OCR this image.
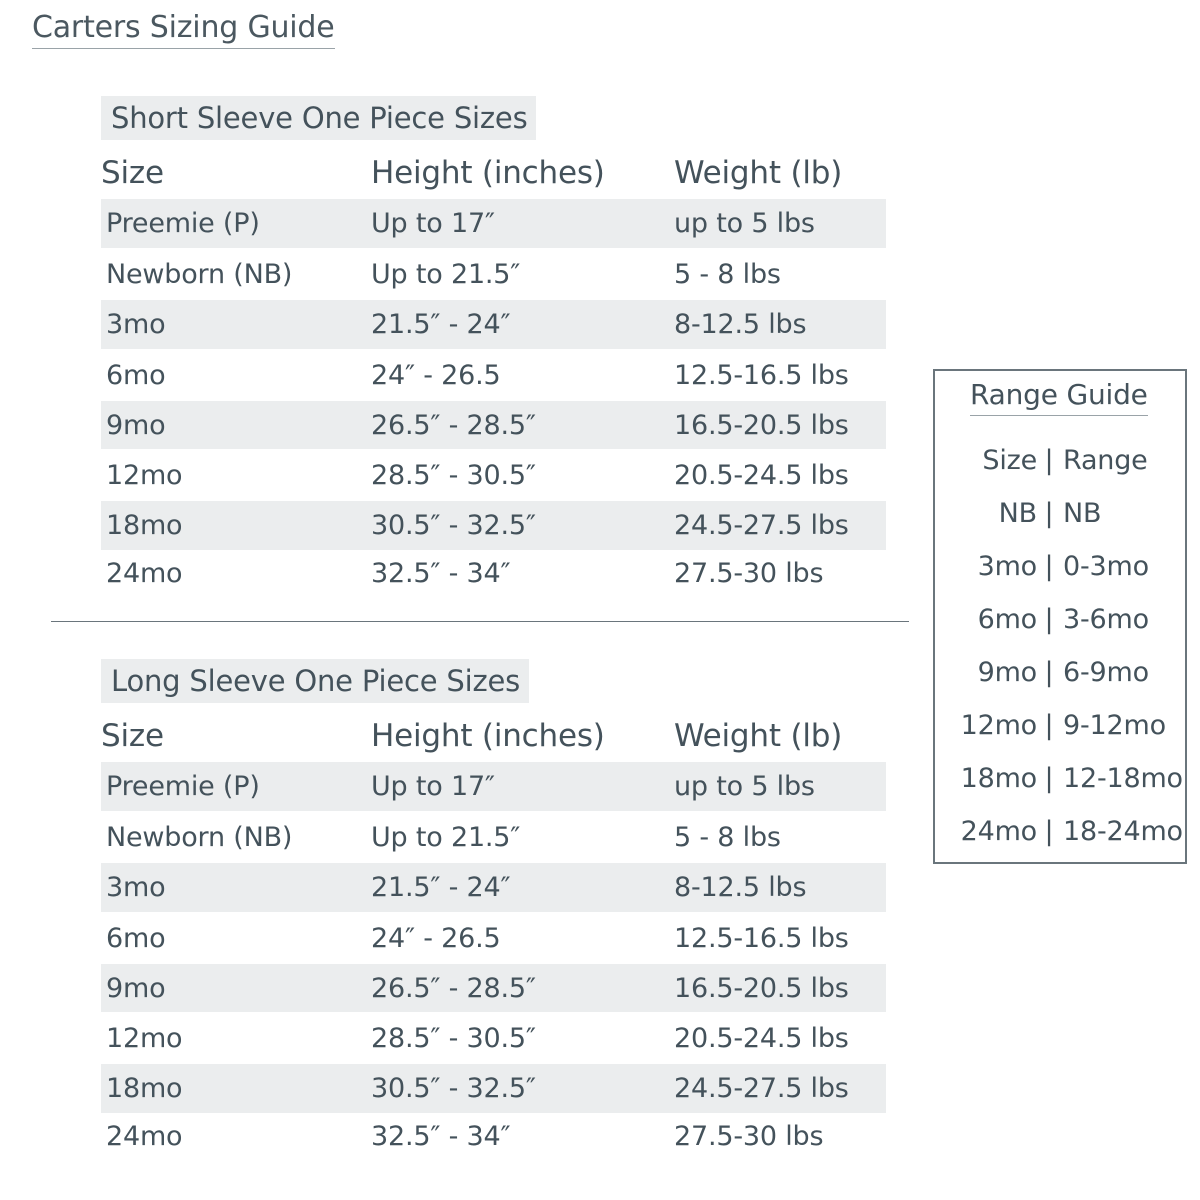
Carters Sizing Guide
Short Sleeve One Piece Sizes
Size	Height (inches)	Weight (lb)
Preemie (P)	Up to 17″	up to 5 lbs
Newborn (NB)	Up to 21.5″	5 - 8 lbs
3mo	21.5″ - 24″	8-12.5 lbs
6mo	24″ - 26.5	12.5-16.5 lbs
9mo	26.5″ - 28.5″	16.5-20.5 lbs
12mo	28.5″ - 30.5″	20.5-24.5 lbs
18mo	30.5″ - 32.5″	24.5-27.5 lbs
24mo	32.5″ - 34″	27.5-30 lbs
Long Sleeve One Piece Sizes
Size	Height (inches)	Weight (lb)
Preemie (P)	Up to 17″	up to 5 lbs
Newborn (NB)	Up to 21.5″	5 - 8 lbs
3mo	21.5″ - 24″	8-12.5 lbs
6mo	24″ - 26.5	12.5-16.5 lbs
9mo	26.5″ - 28.5″	16.5-20.5 lbs
12mo	28.5″ - 30.5″	20.5-24.5 lbs
18mo	30.5″ - 32.5″	24.5-27.5 lbs
24mo	32.5″ - 34″	27.5-30 lbs
Range Guide
Size | Range
NB | NB
3mo | 0-3mo
6mo | 3-6mo
9mo | 6-9mo
12mo | 9-12mo
18mo | 12-18mo
24mo | 18-24mo
